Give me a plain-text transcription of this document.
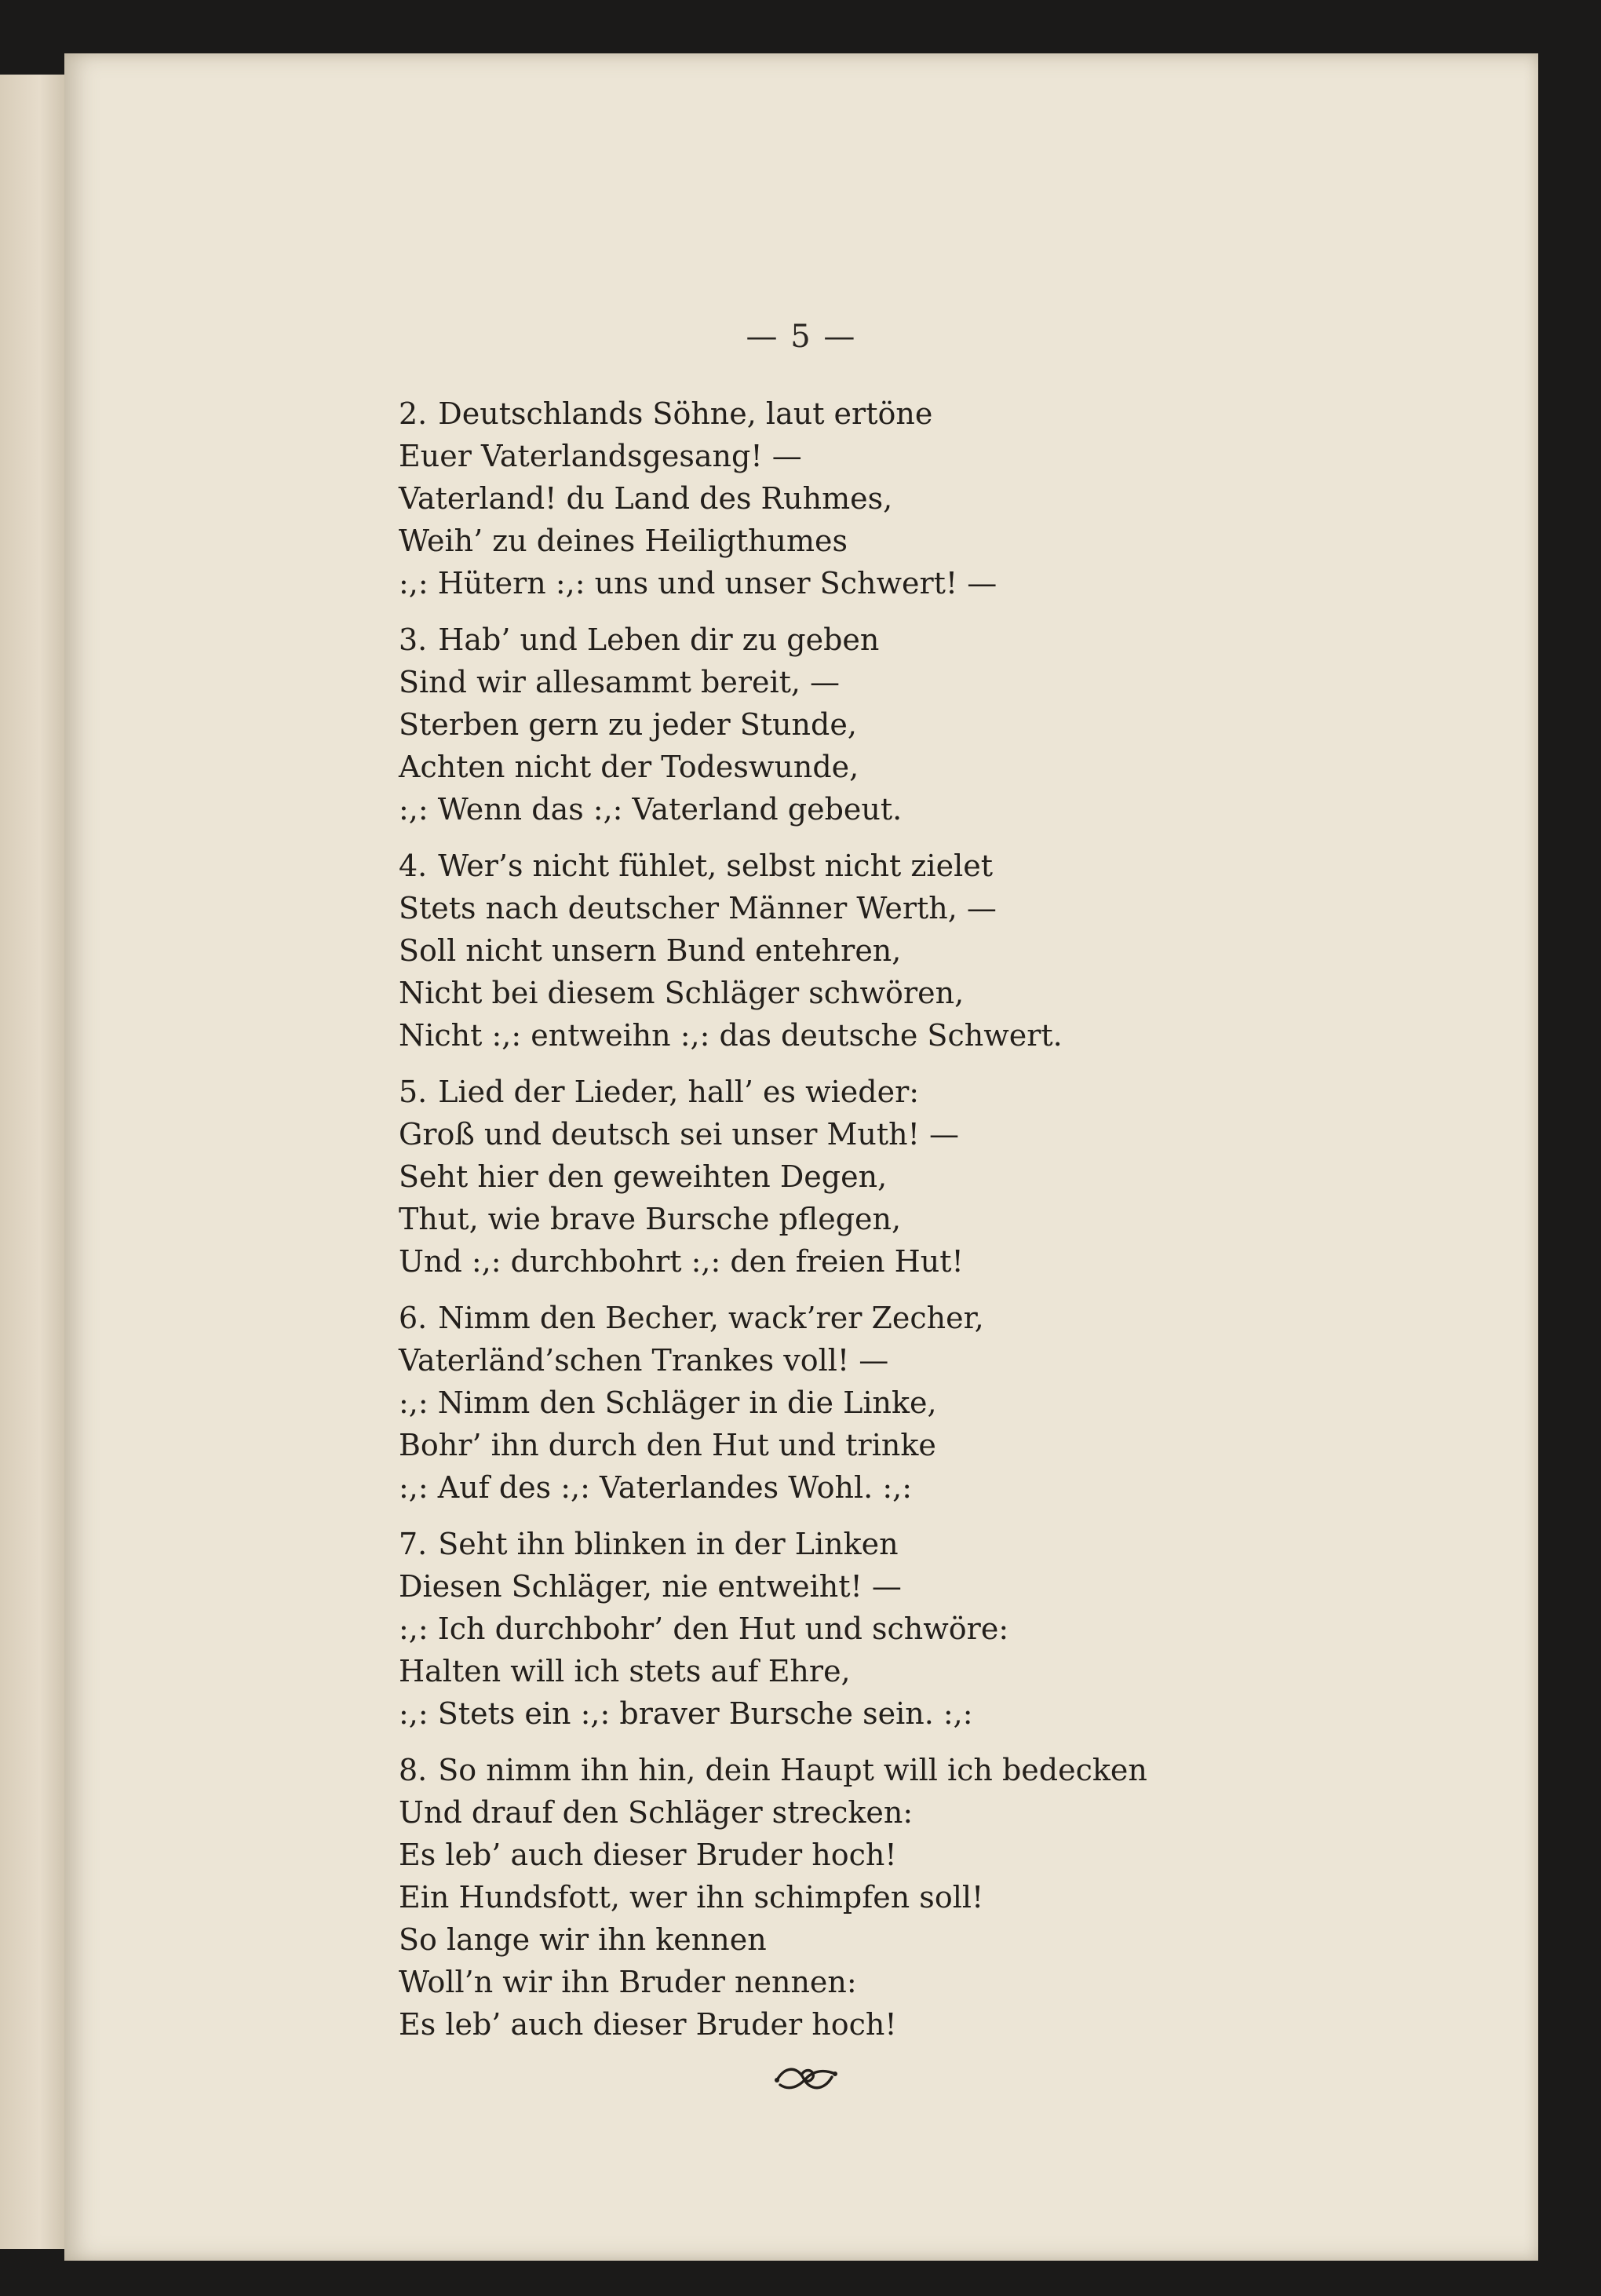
— 5 —
2. Deutschlands Söhne, laut ertöne
Euer Vaterlandsgesang! —
Vaterland! du Land des Ruhmes,
Weih’ zu deines Heiligthumes
:,: Hütern :,: uns und unser Schwert! —
3. Hab’ und Leben dir zu geben
Sind wir allesammt bereit, —
Sterben gern zu jeder Stunde,
Achten nicht der Todeswunde,
:,: Wenn das :,: Vaterland gebeut.
4. Wer’s nicht fühlet, selbst nicht zielet
Stets nach deutscher Männer Werth, —
Soll nicht unsern Bund entehren,
Nicht bei diesem Schläger schwören,
Nicht :,: entweihn :,: das deutsche Schwert.
5. Lied der Lieder, hall’ es wieder:
Groß und deutsch sei unser Muth! —
Seht hier den geweihten Degen,
Thut, wie brave Bursche pflegen,
Und :,: durchbohrt :,: den freien Hut!
6. Nimm den Becher, wack’rer Zecher,
Vaterländ’schen Trankes voll! —
:,: Nimm den Schläger in die Linke,
Bohr’ ihn durch den Hut und trinke
:,: Auf des :,: Vaterlandes Wohl. :,:
7. Seht ihn blinken in der Linken
Diesen Schläger, nie entweiht! —
:,: Ich durchbohr’ den Hut und schwöre:
Halten will ich stets auf Ehre,
:,: Stets ein :,: braver Bursche sein. :,:
8. So nimm ihn hin, dein Haupt will ich bedecken
Und drauf den Schläger strecken:
Es leb’ auch dieser Bruder hoch!
Ein Hundsfott, wer ihn schimpfen soll!
So lange wir ihn kennen
Woll’n wir ihn Bruder nennen:
Es leb’ auch dieser Bruder hoch!
